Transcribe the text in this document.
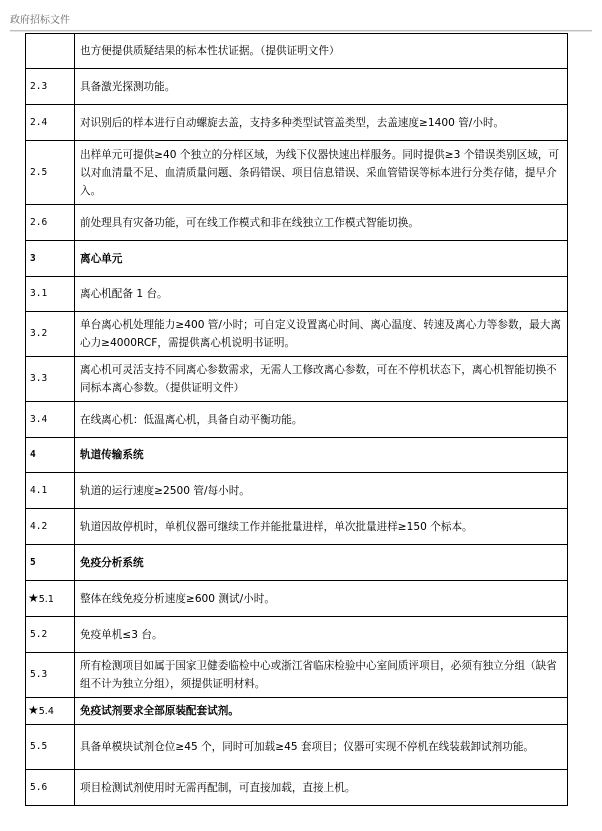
政府招标文件
	也方便提供质疑结果的标本性状证据。（提供证明文件）
2.3	具备激光探测功能。
2.4	对识别后的样本进行自动螺旋去盖，支持多种类型试管盖类型，去盖速度≥1400 管/小时。
2.5	出样单元可提供≥40 个独立的分样区域，为线下仪器快速出样服务。同时提供≥3 个错误类别区域，可以对血清量不足、血清质量问题、条码错误、项目信息错误、采血管错误等标本进行分类存储，提早介入。
2.6	前处理具有灾备功能，可在线工作模式和非在线独立工作模式智能切换。
3	离心单元
3.1	离心机配备 1 台。
3.2	单台离心机处理能力≥400 管/小时；可自定义设置离心时间、离心温度、转速及离心力等参数，最大离心力≥4000RCF，需提供离心机说明书证明。
3.3	离心机可灵活支持不同离心参数需求，无需人工修改离心参数，可在不停机状态下，离心机智能切换不同标本离心参数。（提供证明文件）
3.4	在线离心机：低温离心机，具备自动平衡功能。
4	轨道传输系统
4.1	轨道的运行速度≥2500 管/每小时。
4.2	轨道因故停机时，单机仪器可继续工作并能批量进样，单次批量进样≥150 个标本。
5	免疫分析系统
★5.1	整体在线免疫分析速度≥600 测试/小时。
5.2	免疫单机≤3 台。
5.3	所有检测项目如属于国家卫健委临检中心或浙江省临床检验中心室间质评项目，必须有独立分组（缺省组不计为独立分组），须提供证明材料。
★5.4	免疫试剂要求全部原装配套试剂。
5.5	具备单模块试剂仓位≥45 个，同时可加载≥45 套项目；仪器可实现不停机在线装载卸试剂功能。
5.6	项目检测试剂使用时无需再配制，可直接加载，直接上机。
